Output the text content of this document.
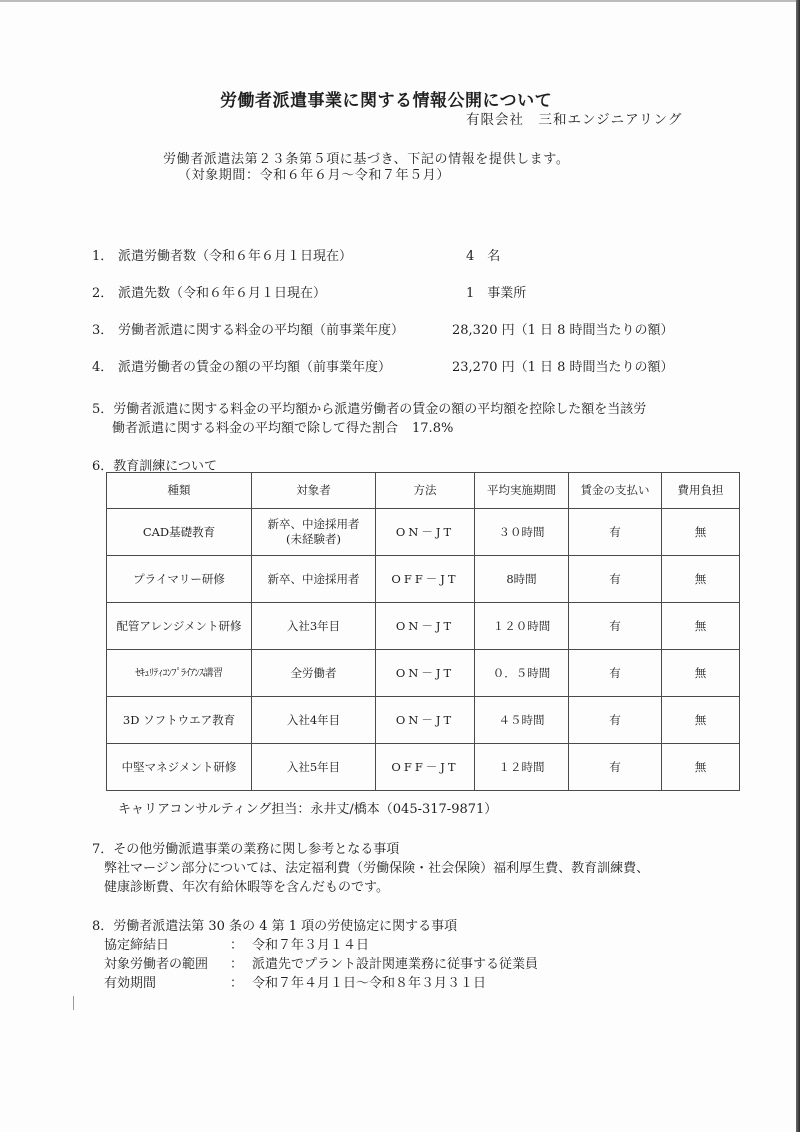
労働者派遣事業に関する情報公開について
有限会社　三和エンジニアリング
労働者派遣法第２３条第５項に基づき、下記の情報を提供します。
（対象期間：令和６年６月～令和７年５月）
1． 派遣労働者数（令和６年６月１日現在）	4　名
2． 派遣先数（令和６年６月１日現在）	1　事業所
3． 労働者派遣に関する料金の平均額（前事業年度）	28,320 円（1 日 8 時間当たりの額）
4． 派遣労働者の賃金の額の平均額（前事業年度）	23,270 円（1 日 8 時間当たりの額）
5．労働者派遣に関する料金の平均額から派遣労働者の賃金の額の平均額を控除した額を当該労
働者派遣に関する料金の平均額で除して得た割合 17.8%
6．教育訓練について
種類	対象者	方法	平均実施期間	賃金の支払い	費用負担
CAD基礎教育	新卒、中途採用者
(未経験者)	ON－JT	３０時間	有	無
プライマリー研修	新卒、中途採用者	OFF－JT	8時間	有	無
配管アレンジメント研修	入社3年目	ON－JT	１２０時間	有	無
ｾｷｭﾘﾃｨｺﾝﾌﾟﾗｲｱﾝｽ講習	全労働者	ON－JT	０．５時間	有	無
3D ソフトウエア教育	入社4年目	ON－JT	４５時間	有	無
中堅マネジメント研修	入社5年目	OFF－JT	１２時間	有	無
キャリアコンサルティング担当：永井丈/橋本（045-317-9871）
7．その他労働派遣事業の業務に関し参考となる事項
弊社マージン部分については、法定福利費（労働保険・社会保険）福利厚生費、教育訓練費、
健康診断費、年次有給休暇等を含んだものです。
8．労働者派遣法第 30 条の 4 第 1 項の労使協定に関する事項
協定締結日	： 令和７年３月１４日
対象労働者の範囲 ： 派遣先でプラント設計関連業務に従事する従業員
有効期間	： 令和７年４月１日～令和８年３月３１日
